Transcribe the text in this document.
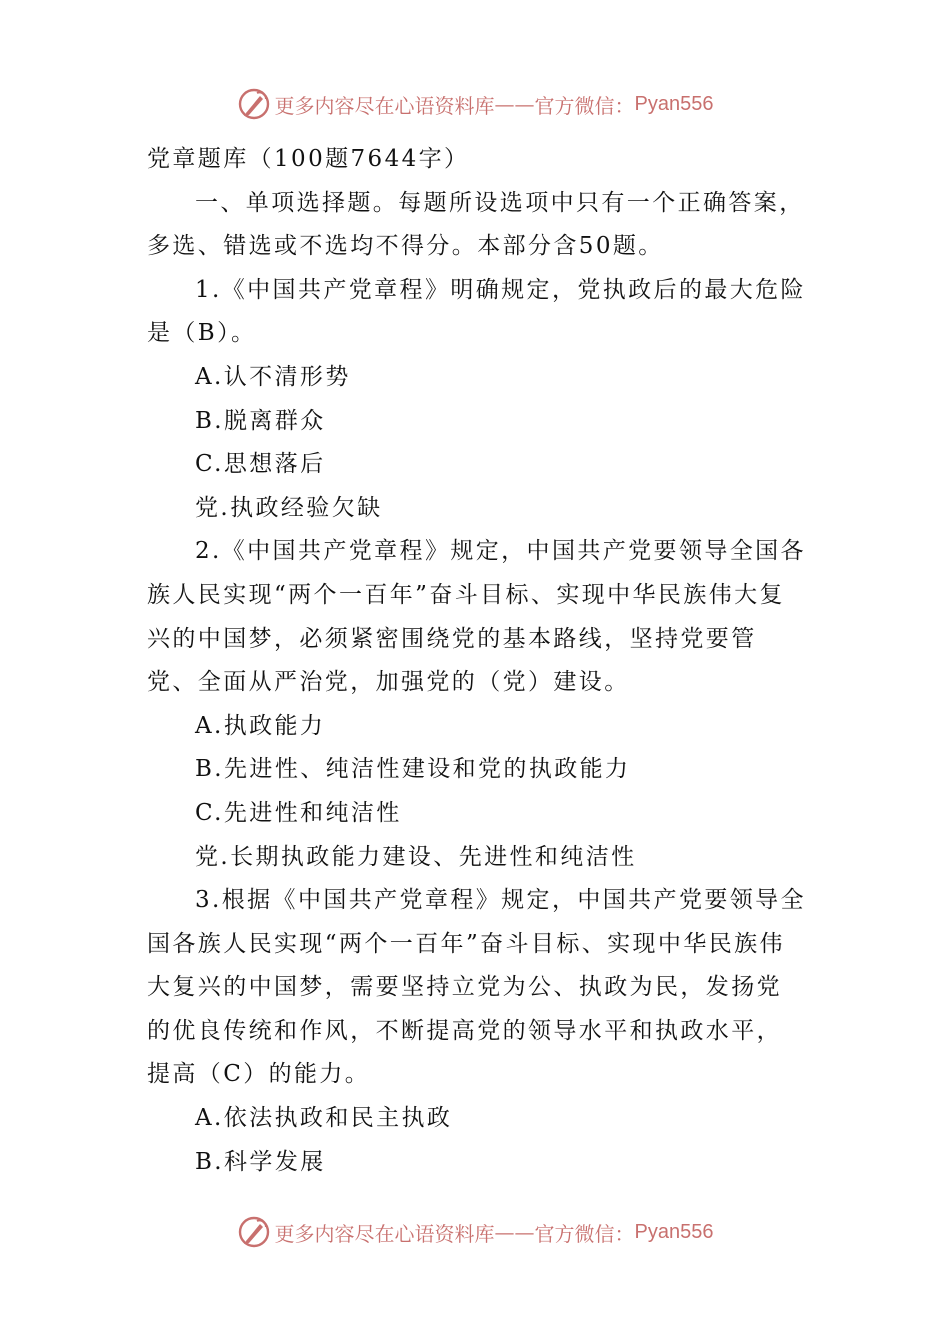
更多内容尽在心语资料库 —— 官方微信： Pyan556

党章题库（100题7644字）

一、单项选择题。每题所设选项中只有一个正确答案，多选、错选或不选均不得分。本部分含50题。

1.《中国共产党章程》明确规定，党执政后的最大危险是（B）。

A.认不清形势

B.脱离群众

C.思想落后

党.执政经验欠缺

2.《中国共产党章程》规定，中国共产党要领导全国各族人民实现“两个一百年”奋斗目标、实现中华民族伟大复兴的中国梦，必须紧密围绕党的基本路线，坚持党要管党、全面从严治党，加强党的（党）建设。

A.执政能力

B.先进性、纯洁性建设和党的执政能力

C.先进性和纯洁性

党.长期执政能力建设、先进性和纯洁性

3.根据《中国共产党章程》规定，中国共产党要领导全国各族人民实现“两个一百年”奋斗目标、实现中华民族伟大复兴的中国梦，需要坚持立党为公、执政为民，发扬党的优良传统和作风，不断提高党的领导水平和执政水平，提高（C）的能力。

A.依法执政和民主执政

B.科学发展

更多内容尽在心语资料库 —— 官方微信： Pyan556
